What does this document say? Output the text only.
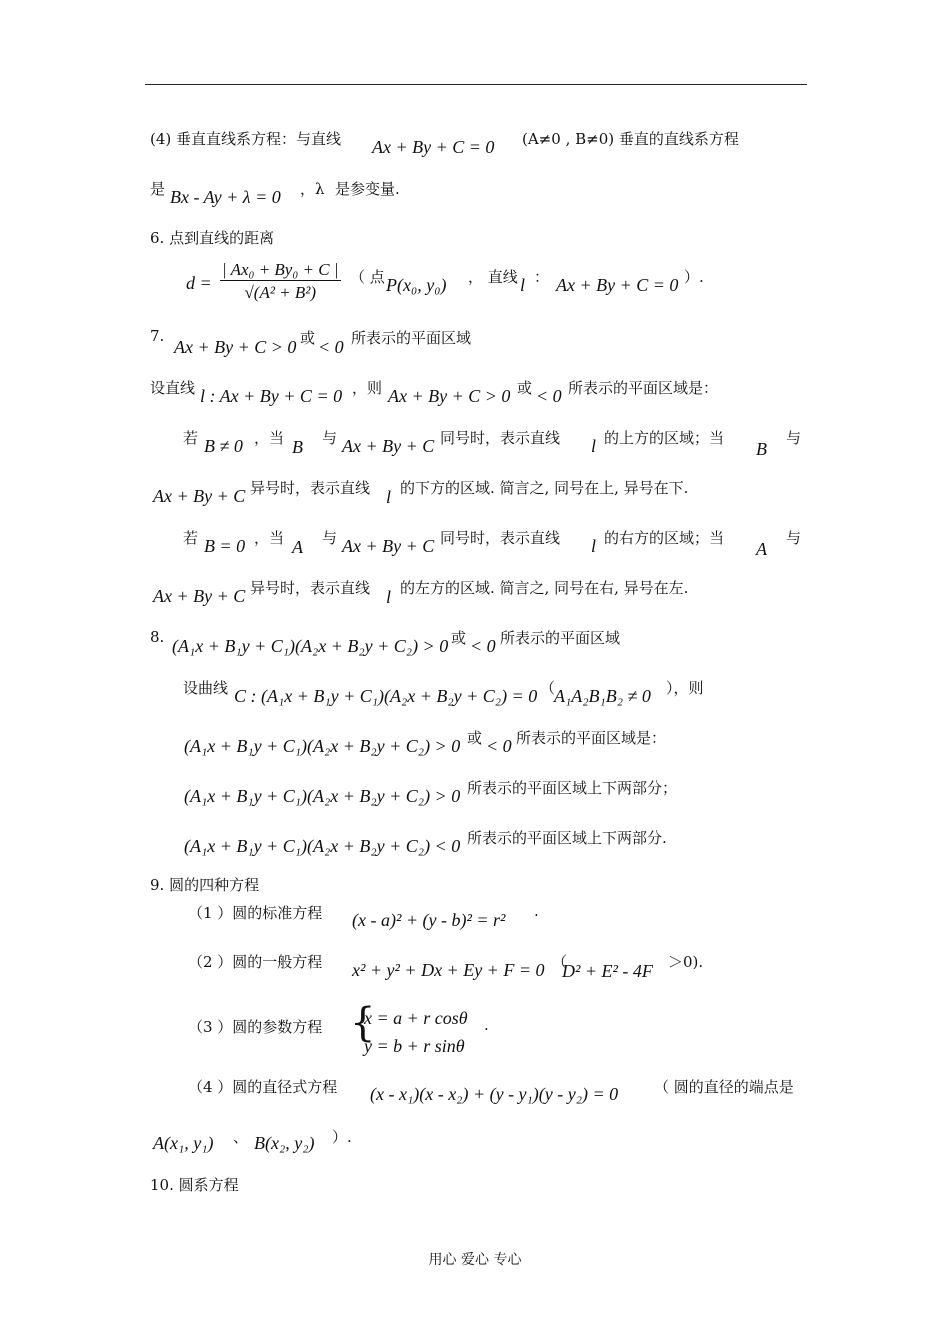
(4) 垂直直线系方程：与直线 Ax + By + C = 0 (A≠0 , B≠0) 垂直的直线系方程
是 Bx - Ay + λ = 0 ，λ 是参变量.
6. 点到直线的距离
$d = \frac{\text{| Ax₀ + By₀ + C |}}{\text{√(A² + B²)}}$ （ 点 P(x₀, y₀) ， 直线 l ： Ax + By + C = 0 ）.
7.
Ax + By + C > 0 或 < 0 所表示的平面区域
设直线 l : Ax + By + C = 0 ，则 Ax + By + C > 0 或 < 0 所表示的平面区域是：
若 B ≠ 0 ，当 B 与 Ax + By + C 同号时，表示直线 l 的上方的区域；当
B
与
Ax + By + C 异号时，表示直线 l 的下方的区域. 简言之, 同号在上, 异号在下.
若 B = 0 ，当 A 与 Ax + By + C 同号时，表示直线 l 的右方的区域；当
A
与
Ax + By + C 异号时，表示直线 l 的左方的区域. 简言之, 同号在右, 异号在左.
8. (A₁x + B₁y + C₁)(A₂x + B₂y + C₂) > 0 或 < 0 所表示的平面区域
设曲线 C : (A₁x + B₁y + C₁)(A₂x + B₂y + C₂) = 0 （
A₁A₂B₁B₂ ≠ 0 ），则
(A₁x + B₁y + C₁)(A₂x + B₂y + C₂) > 0 或 < 0 所表示的平面区域是：
(A₁x + B₁y + C₁)(A₂x + B₂y + C₂) > 0 所表示的平面区域上下两部分；
(A₁x + B₁y + C₁)(A₂x + B₂y + C₂) < 0 所表示的平面区域上下两部分.
9. 圆的四种方程
（1 ）圆的标准方程 (x - a)² + (y - b)² = r² .
（2 ）圆的一般方程 x² + y² + Dx + Ey + F = 0 （
D² + E² - 4F ＞0).
（3 ）圆的参数方程 {
x = a + r cosθ
y = b + r sinθ
.
（4 ）圆的直径式方程 (x - x₁)(x - x₂) + (y - y₁)(y - y₂) = 0 （ 圆的直径的端点是
A(x₁, y₁) 、 B(x₂, y₂) ）.
10. 圆系方程
用心 爱心 专心
